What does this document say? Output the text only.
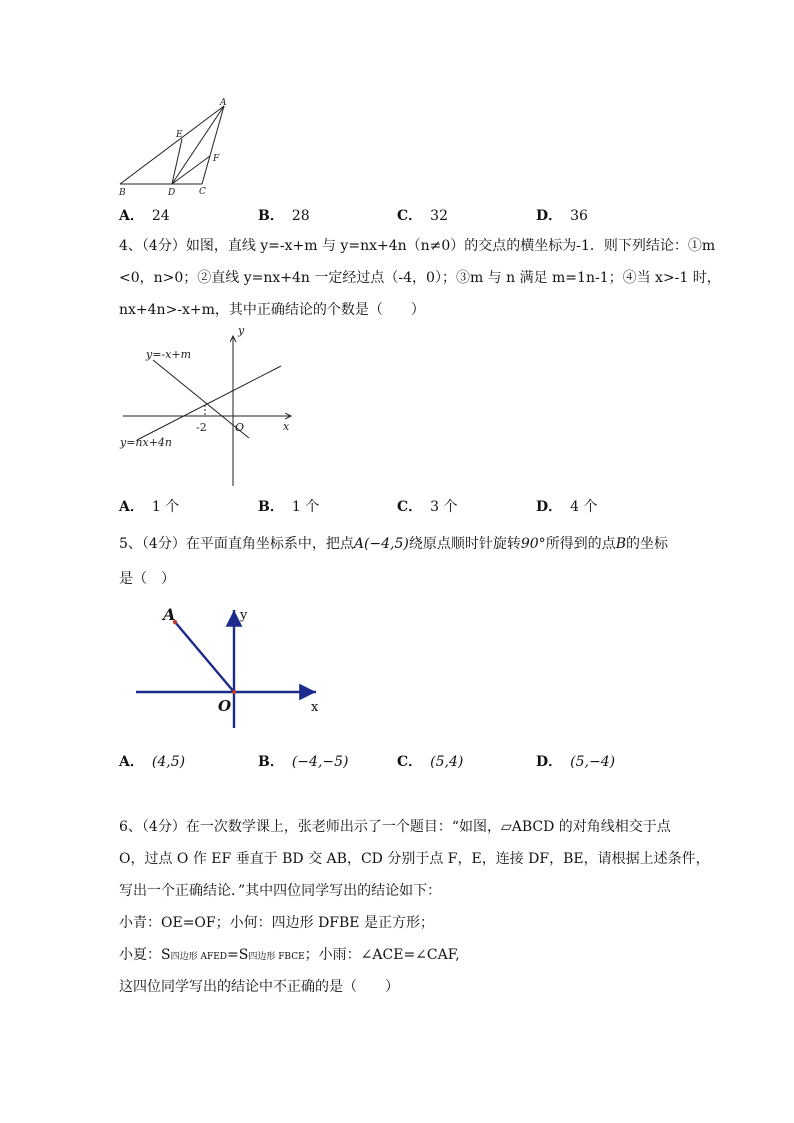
A
E
F
B	D	C
A． 24	B． 28	C． 32	D． 36
4、（4分）如图，直线 y=-x+m 与 y=nx+4n（n≠0）的交点的横坐标为-1．则下列结论：①m
<0，n>0；②直线 y=nx+4n 一定经过点（-4，0）；③m 与 n 满足 m=1n-1；④当 x>-1 时，
nx+4n>-x+m，其中正确结论的个数是（　　）
y=-x+m
y=nx+4n
y
x
O
-2
A． 1 个	B． 1 个	C． 3 个	D． 4 个
5、（4分）在平面直角坐标系中，把点A(−4,5)绕原点顺时针旋转90°所得到的点B的坐标
是（　）
A	y
O	x
A． (4,5)	B． (−4,−5)	C． (5,4)	D． (5,−4)
6、（4分）在一次数学课上，张老师出示了一个题目：“如图，▱ABCD 的对角线相交于点
O，过点 O 作 EF 垂直于 BD 交 AB，CD 分别于点 F，E，连接 DF，BE，请根据上述条件，
写出一个正确结论．”其中四位同学写出的结论如下：
小青：OE=OF；小何：四边形 DFBE 是正方形；
小夏：S四边形 AFED=S四边形 FBCE；小雨：∠ACE=∠CAF,
这四位同学写出的结论中不正确的是（　　）
